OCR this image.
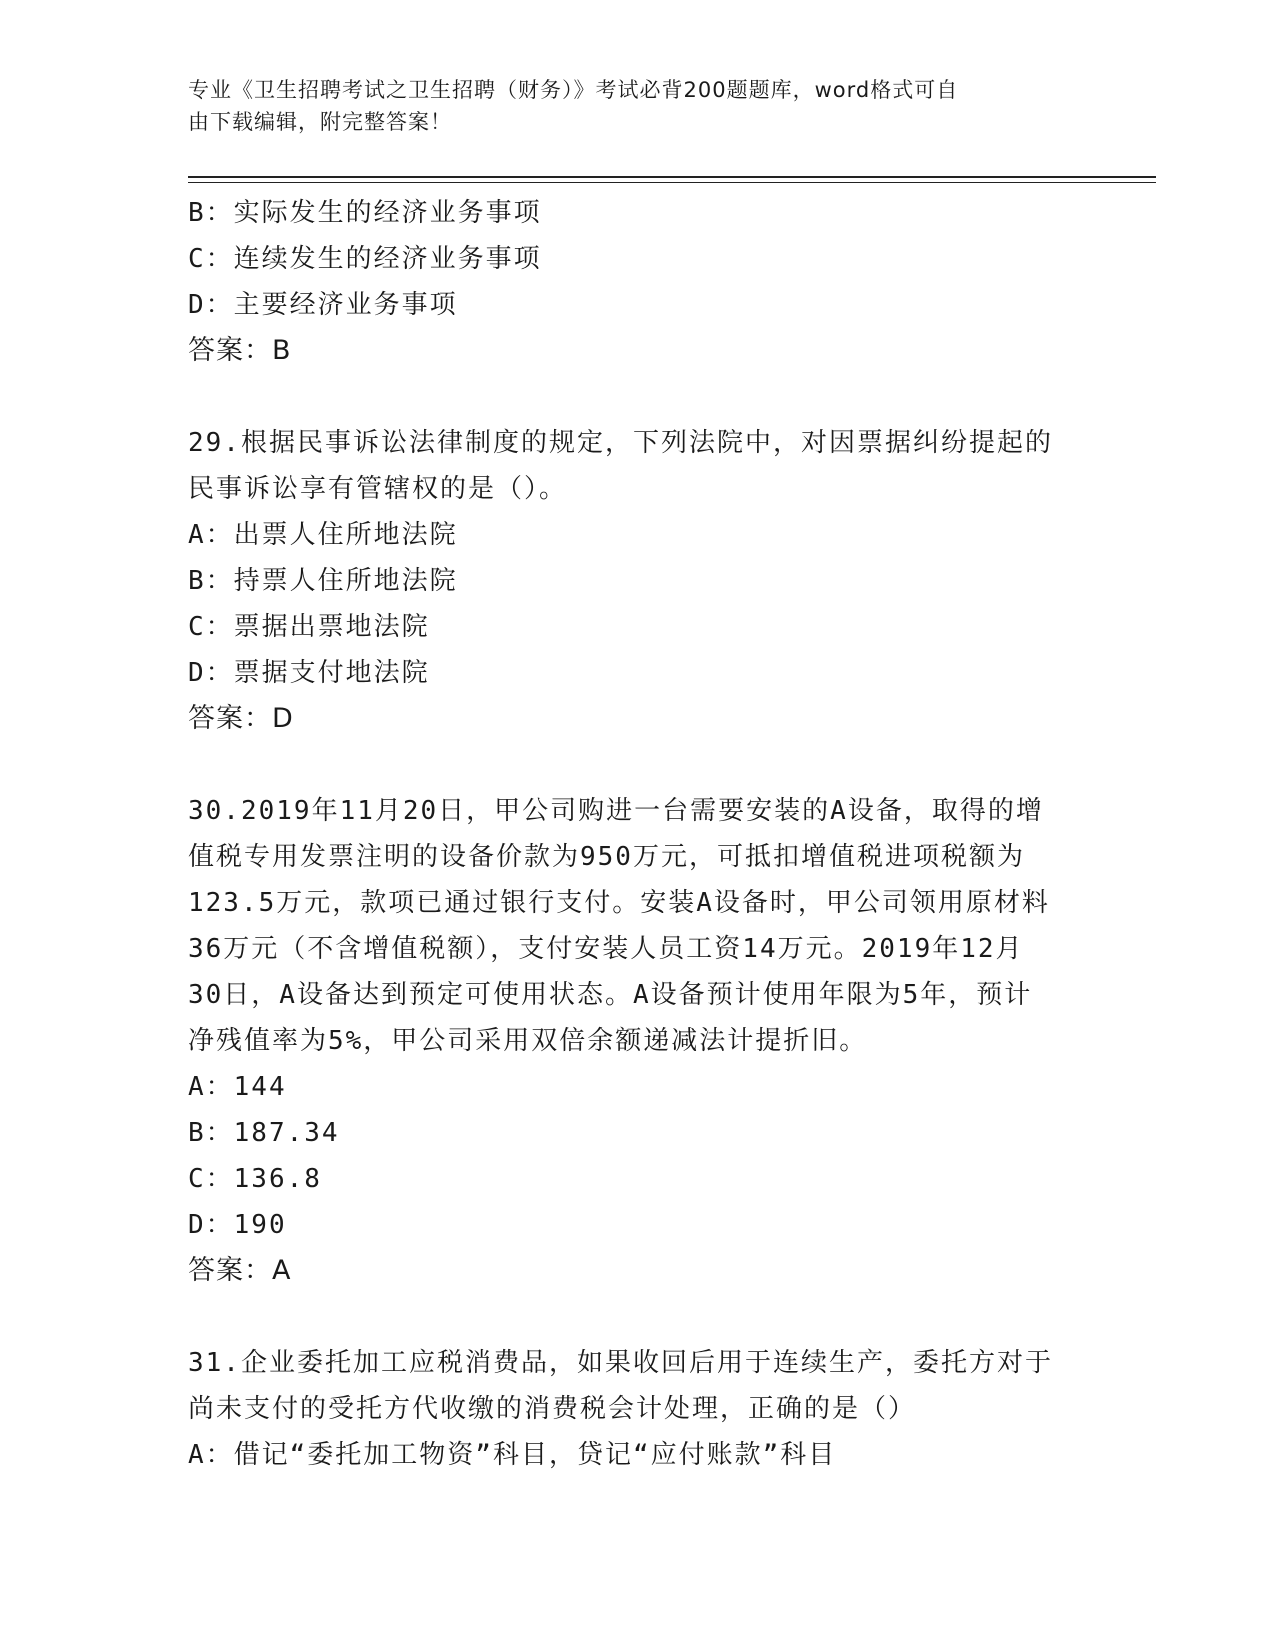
专业《卫生招聘考试之卫生招聘（财务）》考试必背200题题库，word格式可自
由下载编辑，附完整答案！
B：实际发生的经济业务事项
C：连续发生的经济业务事项
D：主要经济业务事项
答案：B
29.根据民事诉讼法律制度的规定，下列法院中，对因票据纠纷提起的
民事诉讼享有管辖权的是（）。
A：出票人住所地法院
B：持票人住所地法院
C：票据出票地法院
D：票据支付地法院
答案：D
30.2019年11月20日，甲公司购进一台需要安装的A设备，取得的增
值税专用发票注明的设备价款为950万元，可抵扣增值税进项税额为
123.5万元，款项已通过银行支付。安装A设备时，甲公司领用原材料
36万元（不含增值税额），支付安装人员工资14万元。2019年12月
30日，A设备达到预定可使用状态。A设备预计使用年限为5年，预计
净残值率为5%，甲公司采用双倍余额递减法计提折旧。
A：144
B：187.34
C：136.8
D：190
答案：A
31.企业委托加工应税消费品，如果收回后用于连续生产，委托方对于
尚未支付的受托方代收缴的消费税会计处理，正确的是（）
A：借记“委托加工物资”科目，贷记“应付账款”科目
